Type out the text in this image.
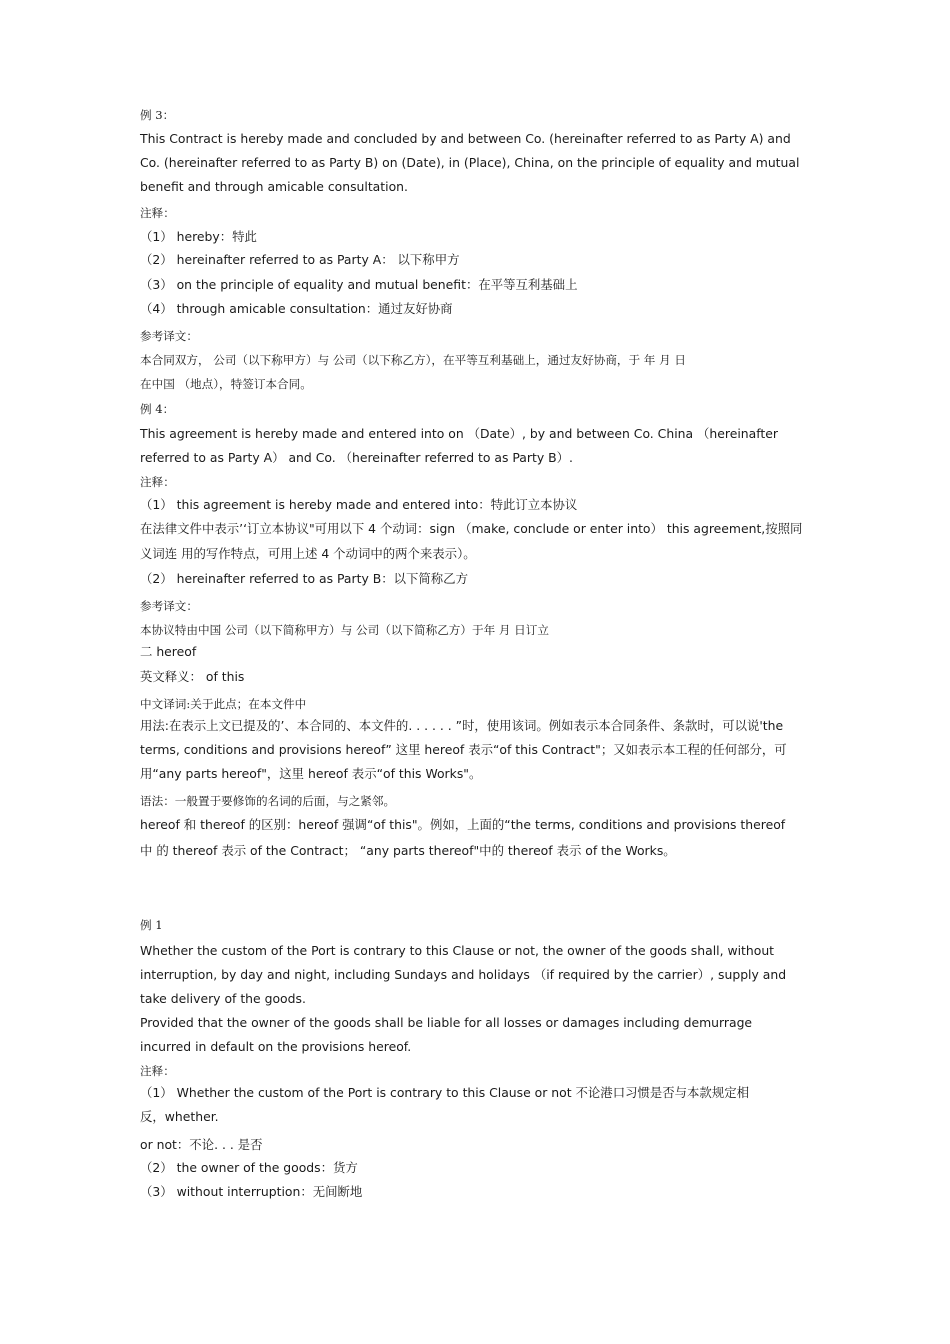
例 3：

This Contract is hereby made and concluded by and between Co. (hereinafter referred to as Party A) and

Co. (hereinafter referred to as Party B) on (Date), in (Place), China, on the principle of equality and mutual

benefit and through amicable consultation.

注释：

（1） hereby：特此

（2） hereinafter referred to as Party A： 以下称甲方

（3） on the principle of equality and mutual benefit：在平等互利基础上

（4） through amicable consultation：通过友好协商

参考译文：

本合同双方， 公司（以下称甲方）与 公司（以下称乙方），在平等互利基础上，通过友好协商，于 年 月 日

在中国 （地点），特签订本合同。

例 4：

This agreement is hereby made and entered into on （Date）, by and between Co. China （hereinafter

referred to as Party A） and Co. （hereinafter referred to as Party B）.

注释：

（1） this agreement is hereby made and entered into：特此订立本协议

在法律文件中表示’‘订立本协议"可用以下 4 个动词：sign （make, conclude or enter into） this agreement,按照同

义词连 用的写作特点，可用上述 4 个动词中的两个来表示）。

（2） hereinafter referred to as Party B：以下简称乙方

参考译文：

本协议特由中国 公司（以下简称甲方）与 公司（以下简称乙方）于年 月 日订立

二 hereof

英文释义： of this

中文译词:关于此点；在本文件中

用法:在表示上文已提及的’、本合同的、本文件的. . . . . . ”时，使用该词。例如表示本合同条件、条款时，可以说'the

terms, conditions and provisions hereof” 这里 hereof 表示“of this Contract"；又如表示本工程的任何部分，可

用“any parts hereof"，这里 hereof 表示“of this Works"。

语法：一般置于要修饰的名词的后面，与之紧邻。

hereof 和 thereof 的区别：hereof 强调“of this"。例如，上面的“the terms, conditions and provisions thereof

中 的 thereof 表示 of the Contract； “any parts thereof"中的 thereof 表示 of the Works。

例 1

Whether the custom of the Port is contrary to this Clause or not, the owner of the goods shall, without

interruption, by day and night, including Sundays and holidays （if required by the carrier）, supply and

take delivery of the goods.

Provided that the owner of the goods shall be liable for all losses or damages including demurrage

incurred in default on the provisions hereof.

注释：

（1） Whether the custom of the Port is contrary to this Clause or not 不论港口习惯是否与本款规定相

反，whether.

or not：不论. . . 是否

（2） the owner of the goods：货方

（3） without interruption：无间断地
